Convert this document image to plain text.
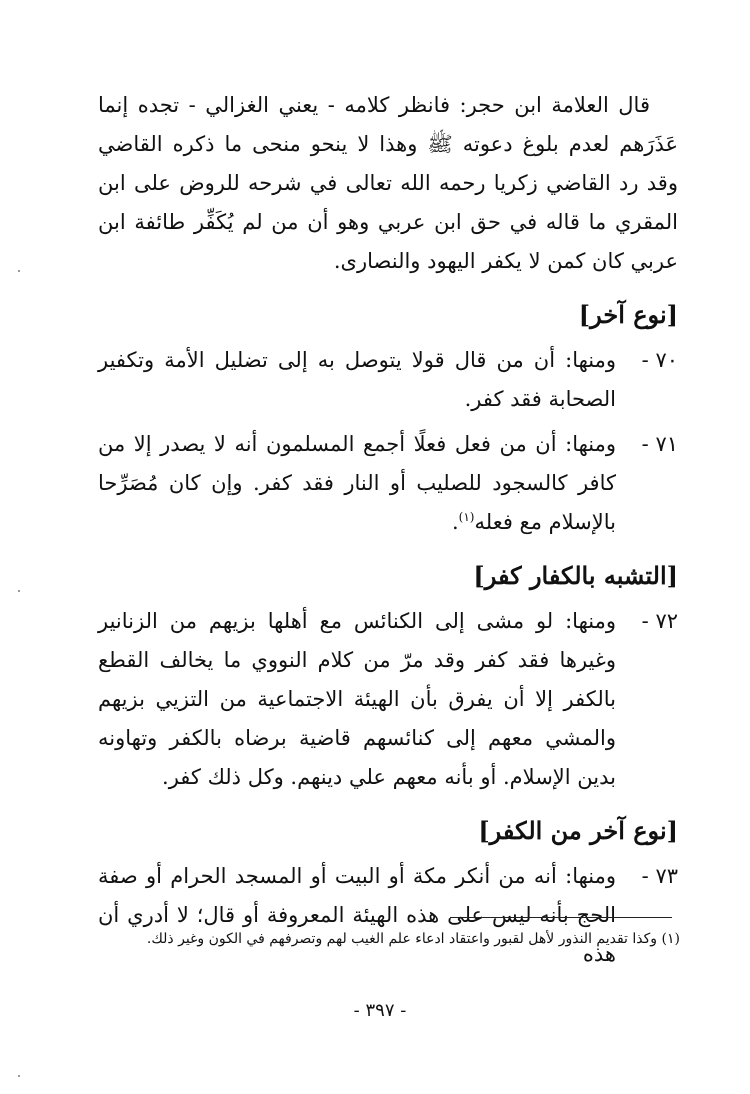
قال العلامة ابن حجر: فانظر كلامه - يعني الغزالي - تجده إنما عَذَرَهم لعدم بلوغ دعوته ﷺ وهذا لا ينحو منحى ما ذكره القاضي وقد رد القاضي زكريا رحمه الله تعالى في شرحه للروض على ابن المقري ما قاله في حق ابن عربي وهو أن من لم يُكَفِّر طائفة ابن عربي كان كمن لا يكفر اليهود والنصارى.

[نوع آخر]
٧٠ -
ومنها: أن من قال قولا يتوصل به إلى تضليل الأمة وتكفير الصحابة فقد كفر.
٧١ -
ومنها: أن من فعل فعلًا أجمع المسلمون أنه لا يصدر إلا من كافر كالسجود للصليب أو النار فقد كفر. وإن كان مُصَرِّحا بالإسلام مع فعله$^{(١)}$.
[التشبه بالكفار كفر]
٧٢ -
ومنها: لو مشى إلى الكنائس مع أهلها بزيهم من الزنانير وغيرها فقد كفر وقد مرّ من كلام النووي ما يخالف القطع بالكفر إلا أن يفرق بأن الهيئة الاجتماعية من التزيي بزيهم والمشي معهم إلى كنائسهم قاضية برضاه بالكفر وتهاونه بدين الإسلام. أو بأنه معهم علي دينهم. وكل ذلك كفر.
[نوع آخر من الكفر]
٧٣ -
ومنها: أنه من أنكر مكة أو البيت أو المسجد الحرام أو صفة الحج بأنه ليس على هذه الهيئة المعروفة أو قال؛ لا أدري أن هذه
(١) وكذا تقديم النذور لأهل لقبور واعتقاد ادعاء علم الغيب لهم وتصرفهم في الكون وغير ذلك.
- ٣٩٧ -
